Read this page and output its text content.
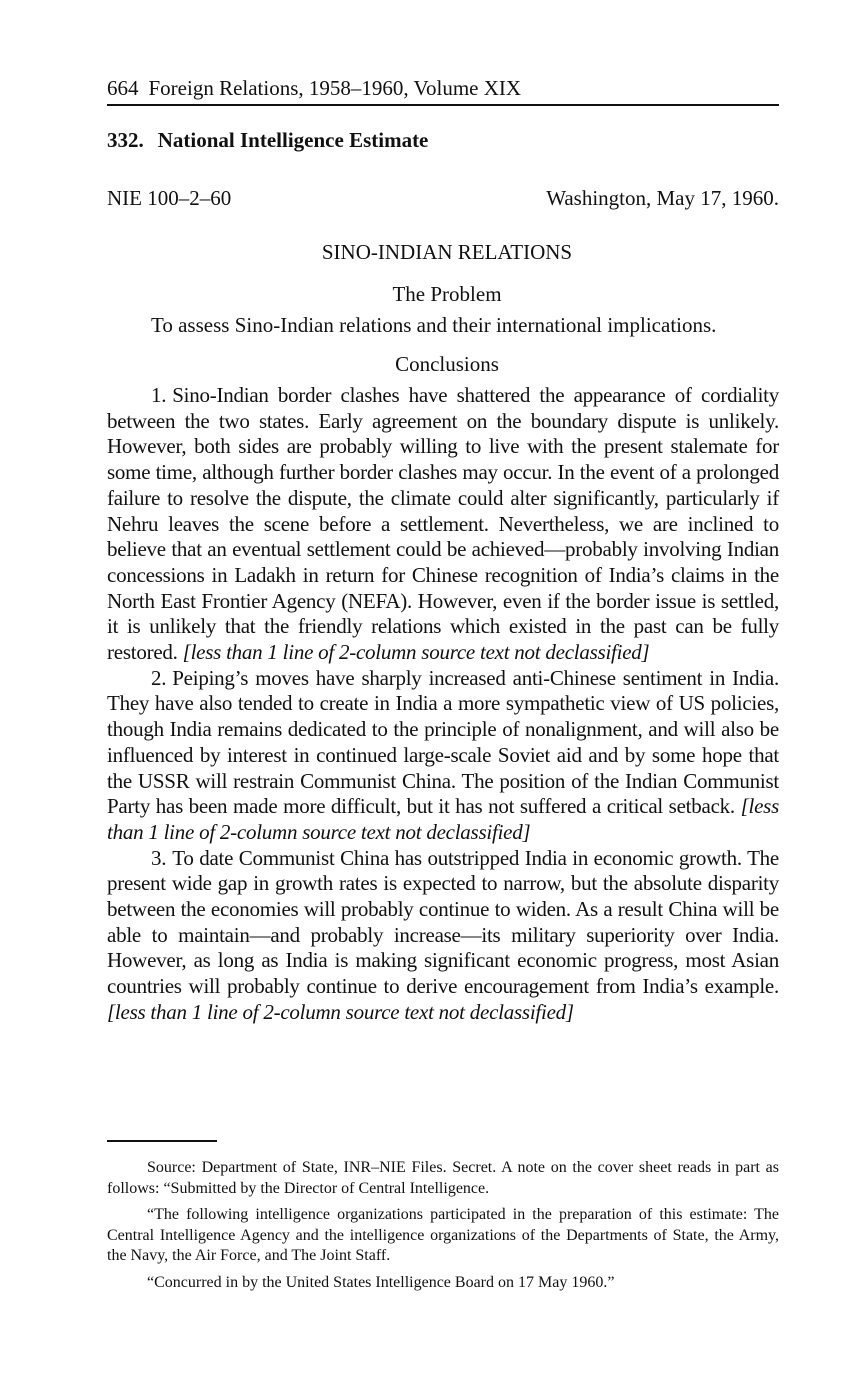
664 Foreign Relations, 1958–1960, Volume XIX
332. National Intelligence Estimate
NIE 100–2–60	Washington, May 17, 1960.
SINO-INDIAN RELATIONS
The Problem

To assess Sino-Indian relations and their international implications.

Conclusions

1. Sino-Indian border clashes have shattered the appearance of cordiality between the two states. Early agreement on the boundary dispute is unlikely. However, both sides are probably willing to live with the present stalemate for some time, although further border clashes may occur. In the event of a prolonged failure to resolve the dispute, the climate could alter significantly, particularly if Nehru leaves the scene before a settlement. Nevertheless, we are inclined to believe that an eventual settlement could be achieved—probably involving Indian concessions in Ladakh in return for Chinese recognition of India’s claims in the North East Frontier Agency (NEFA). However, even if the border issue is settled, it is unlikely that the friendly relations which existed in the past can be fully restored. [less than 1 line of 2-column source text not declassified]

2. Peiping’s moves have sharply increased anti-Chinese sentiment in India. They have also tended to create in India a more sympathetic view of US policies, though India remains dedicated to the principle of nonalignment, and will also be influenced by interest in continued large-scale Soviet aid and by some hope that the USSR will restrain Communist China. The position of the Indian Communist Party has been made more difficult, but it has not suffered a critical setback. [less than 1 line of 2-column source text not declassified]

3. To date Communist China has outstripped India in economic growth. The present wide gap in growth rates is expected to narrow, but the absolute disparity between the economies will probably continue to widen. As a result China will be able to maintain—and probably increase—its military superiority over India. However, as long as India is making significant economic progress, most Asian countries will probably continue to derive encouragement from India’s example. [less than 1 line of 2-column source text not declassified]

Source: Department of State, INR–NIE Files. Secret. A note on the cover sheet reads in part as follows: “Submitted by the Director of Central Intelligence.

“The following intelligence organizations participated in the preparation of this estimate: The Central Intelligence Agency and the intelligence organizations of the Departments of State, the Army, the Navy, the Air Force, and The Joint Staff.

“Concurred in by the United States Intelligence Board on 17 May 1960.”
